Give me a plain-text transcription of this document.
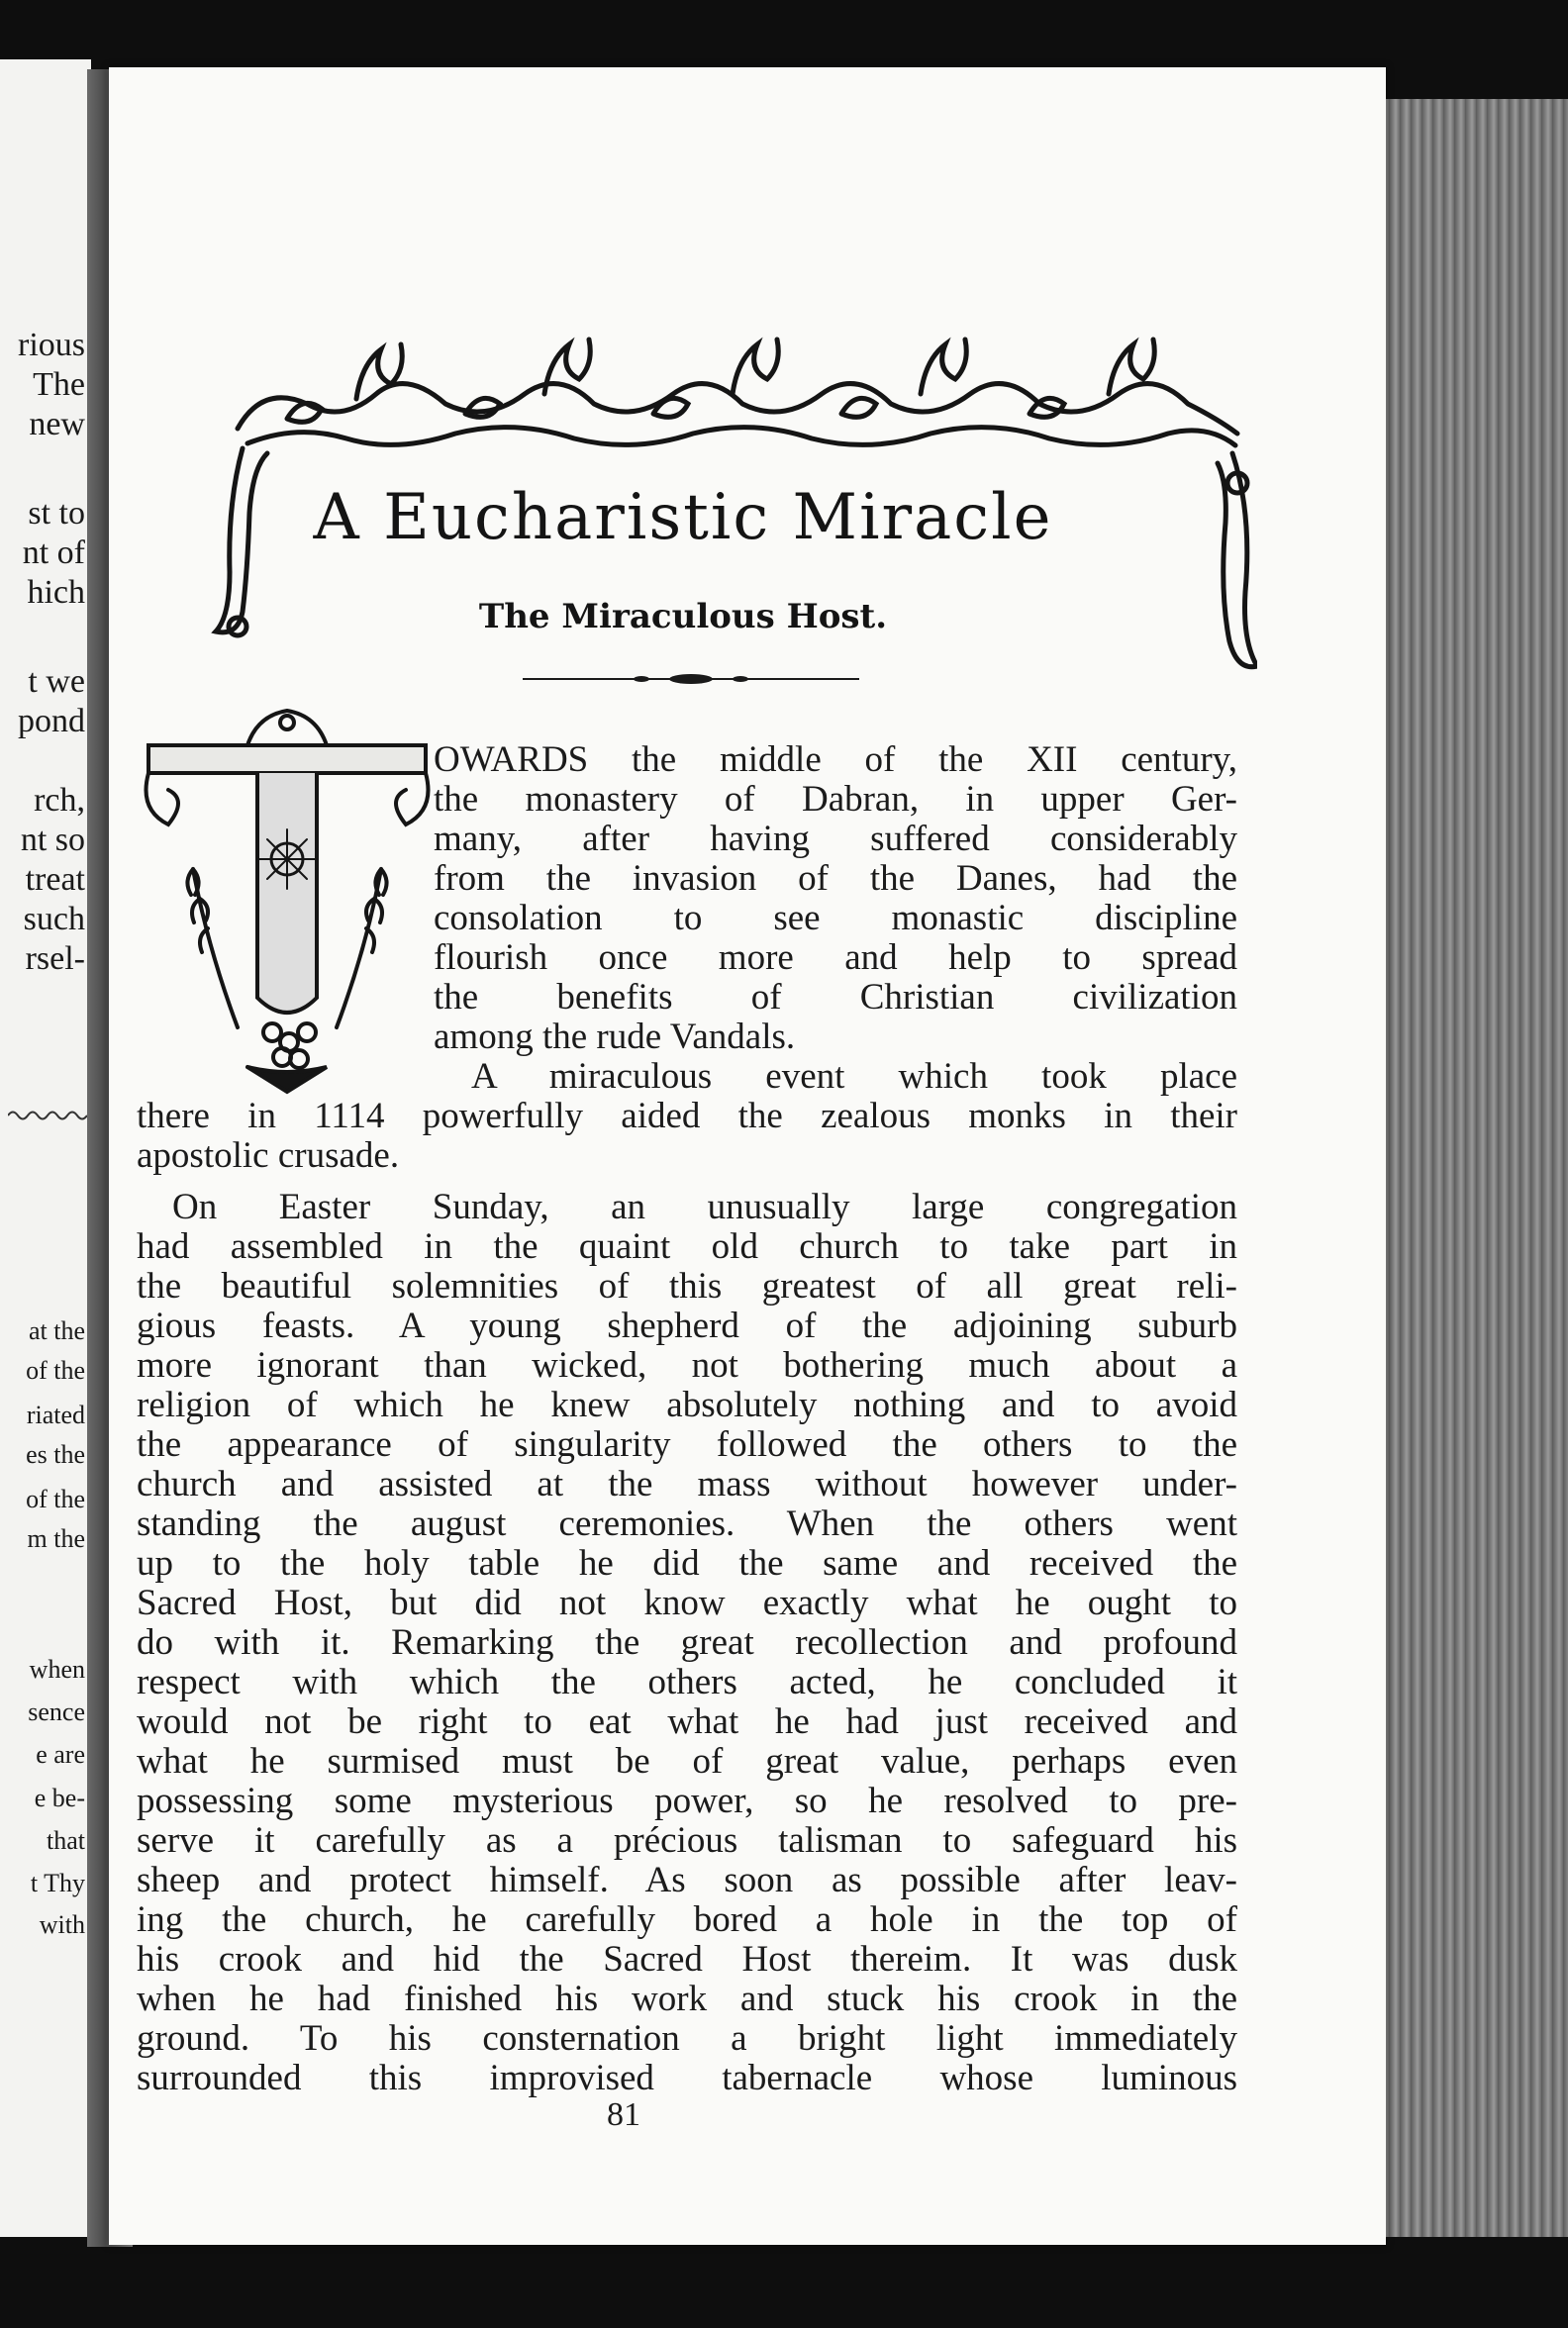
rious
The
new
st to
nt of
hich
t we
pond
rch,
nt so
treat
such
rsel-
at the
of the
riated
es the
of the
m the
when
sence
e are
e be-
that
t Thy
with
A Eucharistic Miracle
The Miraculous Host.
OWARDS the middle of the XII century,
the monastery of Dabran, in upper Ger-
many, after having suffered considerably
from the invasion of the Danes, had the
consolation to see monastic discipline
flourish once more and help to spread
the benefits of Christian civilization
among the rude Vandals.
A miraculous event which took place
there in 1114 powerfully aided the zealous monks in their
apostolic crusade.
On Easter Sunday, an unusually large congregation
had assembled in the quaint old church to take part in
the beautiful solemnities of this greatest of all great reli-
gious feasts. A young shepherd of the adjoining suburb
more ignorant than wicked, not bothering much about a
religion of which he knew absolutely nothing and to avoid
the appearance of singularity followed the others to the
church and assisted at the mass without however under-
standing the august ceremonies. When the others went
up to the holy table he did the same and received the
Sacred Host, but did not know exactly what he ought to
do with it. Remarking the great recollection and profound
respect with which the others acted, he concluded it
would not be right to eat what he had just received and
what he surmised must be of great value, perhaps even
possessing some mysterious power, so he resolved to pre-
serve it carefully as a précious talisman to safeguard his
sheep and protect himself. As soon as possible after leav-
ing the church, he carefully bored a hole in the top of
his crook and hid the Sacred Host thereim. It was dusk
when he had finished his work and stuck his crook in the
ground. To his consternation a bright light immediately
surrounded this improvised tabernacle whose luminous
81
